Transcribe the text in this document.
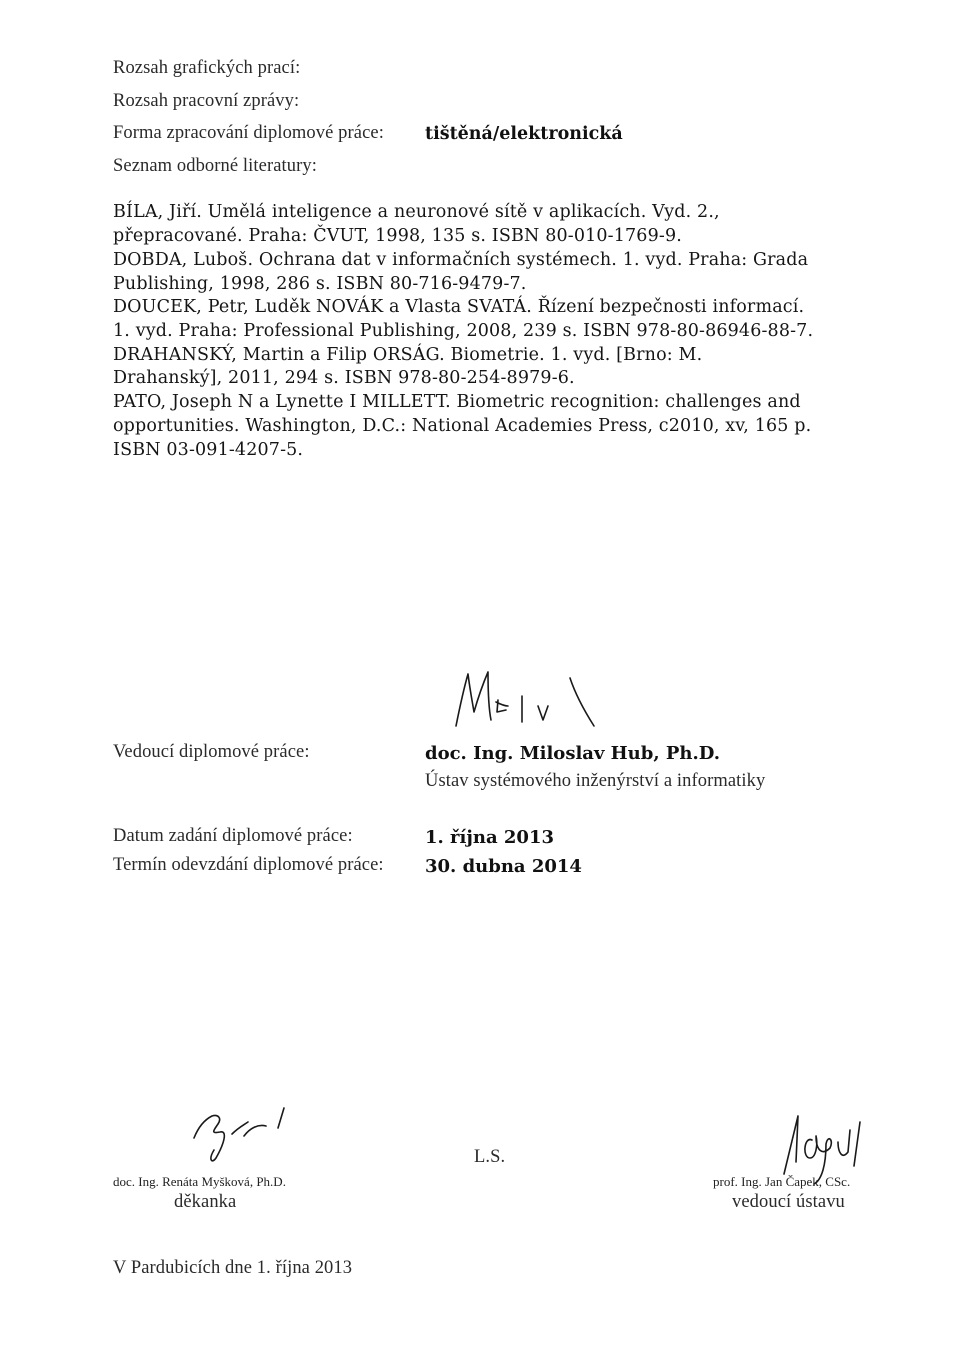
Rozsah grafických prací:
Rozsah pracovní zprávy:
Forma zpracování diplomové práce: tištěná/elektronická
Seznam odborné literatury:
BÍLA, Jiří. Umělá inteligence a neuronové sítě v aplikacích. Vyd. 2.,
přepracované. Praha: ČVUT, 1998, 135 s. ISBN 80-010-1769-9.
DOBDA, Luboš. Ochrana dat v informačních systémech. 1. vyd. Praha: Grada
Publishing, 1998, 286 s. ISBN 80-716-9479-7.
DOUCEK, Petr, Luděk NOVÁK a Vlasta SVATÁ. Řízení bezpečnosti informací.
1. vyd. Praha: Professional Publishing, 2008, 239 s. ISBN 978-80-86946-88-7.
DRAHANSKÝ, Martin a Filip ORSÁG. Biometrie. 1. vyd. [Brno: M.
Drahanský], 2011, 294 s. ISBN 978-80-254-8979-6.
PATO, Joseph N a Lynette I MILLETT. Biometric recognition: challenges and
opportunities. Washington, D.C.: National Academies Press, c2010, xv, 165 p.
ISBN 03-091-4207-5.
Vedoucí diplomové práce:	doc. Ing. Miloslav Hub, Ph.D.
Ústav systémového inženýrství a informatiky
Datum zadání diplomové práce:	1. října 2013
Termín odevzdání diplomové práce: 30. dubna 2014
doc. Ing. Renáta Myšková, Ph.D.
děkanka
L.S.
prof. Ing. Jan Čapek, CSc.
vedoucí ústavu
V Pardubicích dne 1. října 2013
